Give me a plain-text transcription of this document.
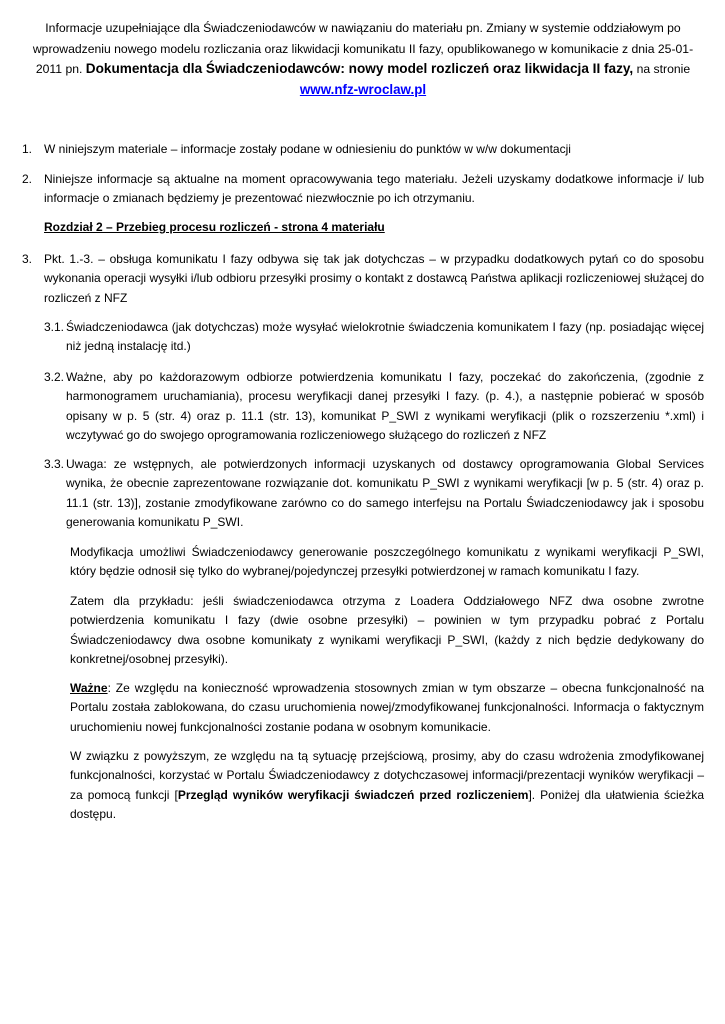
Informacje uzupełniające dla Świadczeniodawców w nawiązaniu do materiału pn. Zmiany w systemie oddziałowym po wprowadzeniu nowego modelu rozliczania oraz likwidacji komunikatu II fazy, opublikowanego w komunikacie z dnia 25-01-2011 pn. Dokumentacja dla Świadczeniodawców: nowy model rozliczeń oraz likwidacja II fazy, na stronie
www.nfz-wroclaw.pl
1. W niniejszym materiale – informacje zostały podane w odniesieniu do punktów w w/w dokumentacji
2. Niniejsze informacje są aktualne na moment opracowywania tego materiału. Jeżeli uzyskamy dodatkowe informacje i/ lub informacje o zmianach będziemy je prezentować niezwłocznie po ich otrzymaniu.
Rozdział 2 – Przebieg procesu rozliczeń - strona 4 materiału
3. Pkt. 1.-3. – obsługa komunikatu I fazy odbywa się tak jak dotychczas – w przypadku dodatkowych pytań co do sposobu wykonania operacji wysyłki i/lub odbioru przesyłki prosimy o kontakt z dostawcą Państwa aplikacji rozliczeniowej służącej do rozliczeń z NFZ
3.1. Świadczeniodawca (jak dotychczas) może wysyłać wielokrotnie świadczenia komunikatem I fazy (np. posiadając więcej niż jedną instalację itd.)
3.2. Ważne, aby po każdorazowym odbiorze potwierdzenia komunikatu I fazy, poczekać do zakończenia, (zgodnie z harmonogramem uruchamiania), procesu weryfikacji danej przesyłki I fazy. (p. 4.), a następnie pobierać w sposób opisany w p. 5 (str. 4) oraz p. 11.1 (str. 13), komunikat P_SWI z wynikami weryfikacji (plik o rozszerzeniu *.xml) i wczytywać go do swojego oprogramowania rozliczeniowego służącego do rozliczeń z NFZ
3.3. Uwaga: ze wstępnych, ale potwierdzonych informacji uzyskanych od dostawcy oprogramowania Global Services wynika, że obecnie zaprezentowane rozwiązanie dot. komunikatu P_SWI z wynikami weryfikacji [w p. 5 (str. 4) oraz p. 11.1 (str. 13)], zostanie zmodyfikowane zarówno co do samego interfejsu na Portalu Świadczeniodawcy jak i sposobu generowania komunikatu P_SWI.
Modyfikacja umożliwi Świadczeniodawcy generowanie poszczególnego komunikatu z wynikami weryfikacji P_SWI, który będzie odnosił się tylko do wybranej/pojedynczej przesyłki potwierdzonej w ramach komunikatu I fazy.
Zatem dla przykładu: jeśli świadczeniodawca otrzyma z Loadera Oddziałowego NFZ dwa osobne zwrotne potwierdzenia komunikatu I fazy (dwie osobne przesyłki) – powinien w tym przypadku pobrać z Portalu Świadczeniodawcy dwa osobne komunikaty z wynikami weryfikacji P_SWI, (każdy z nich będzie dedykowany do konkretnej/osobnej przesyłki).
Ważne: Ze względu na konieczność wprowadzenia stosownych zmian w tym obszarze – obecna funkcjonalność na Portalu została zablokowana, do czasu uruchomienia nowej/zmodyfikowanej funkcjonalności. Informacja o faktycznym uruchomieniu nowej funkcjonalności zostanie podana w osobnym komunikacie.
W związku z powyższym, ze względu na tą sytuację przejściową, prosimy, aby do czasu wdrożenia zmodyfikowanej funkcjonalności, korzystać w Portalu Świadczeniodawcy z dotychczasowej informacji/prezentacji wyników weryfikacji – za pomocą funkcji [Przegląd wyników weryfikacji świadczeń przed rozliczeniem]. Poniżej dla ułatwienia ścieżka dostępu.
